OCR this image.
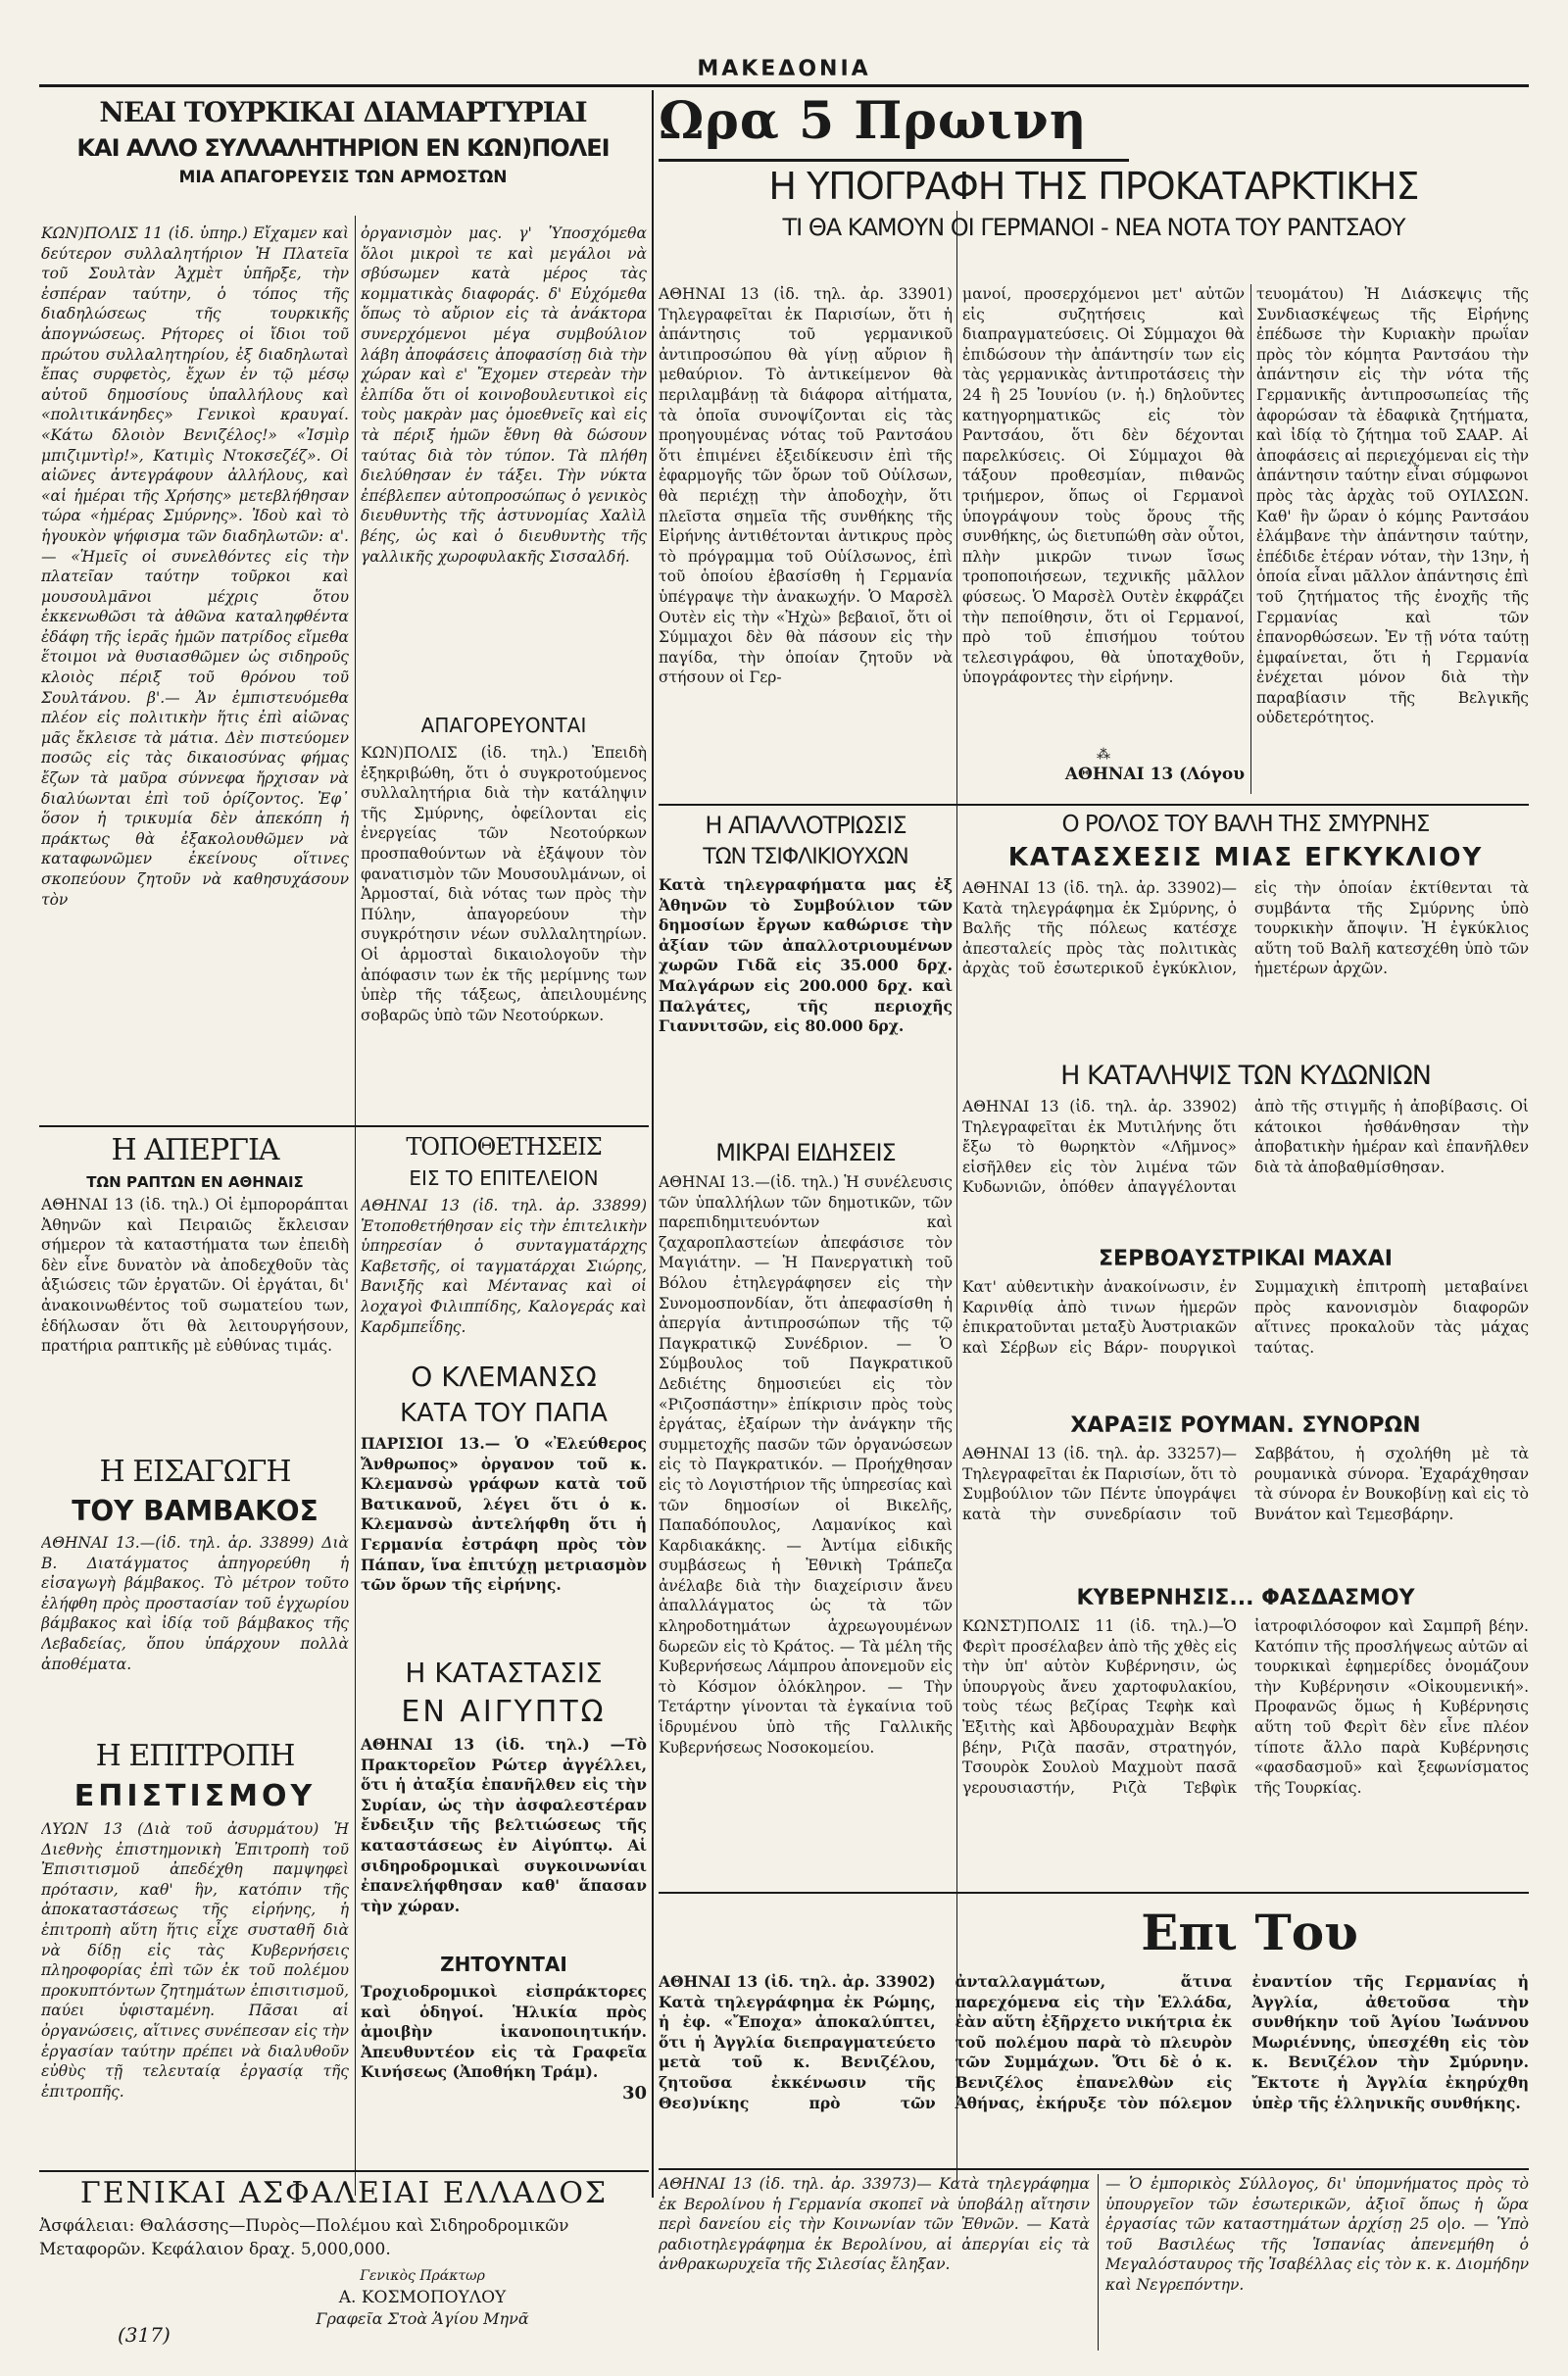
ΜΑΚΕΔΟΝΙΑ
ΝΕΑΙ ΤΟΥΡΚΙΚΑΙ ΔΙΑΜΑΡΤΥΡΙΑΙ
ΚΑΙ ΑΛΛΟ ΣΥΛΛΑΛΗΤΗΡΙΟΝ ΕΝ ΚΩΝ)ΠΟΛΕΙ
ΜΙΑ ΑΠΑΓΟΡΕΥΣΙΣ ΤΩΝ ΑΡΜΟΣΤΩΝ

ΚΩΝ)ΠΟΛΙΣ 11 (ἰδ. ὑπηρ.) Εἴχαμεν καὶ δεύτερον συλλαλητήριον Ἡ Πλατεῖα τοῦ Σουλτὰν Ἀχμὲτ ὑπῆρξε, τὴν ἐσπέραν ταύτην, ὁ τόπος τῆς διαδηλώσεως τῆς τουρκικῆς ἀπογνώσεως. Ρήτορες οἱ ἴδιοι τοῦ πρώτου συλλαλητηρίου, ἐξ διαδηλωταὶ ἔπας συρφετὸς, ἔχων ἐν τῷ μέσῳ αὐτοῦ δημοσίους ὑπαλλήλους καὶ «πολιτικάνηδες» Γενικοὶ κραυγαί. «Κάτω δλοιὸν Βενιζέλος!» «Ἰσμὶρ μπιζιμντὶρ!», Κατιμὶς Ντοκσεζέζ». Οἱ αἰῶνες ἀντεγράφουν ἀλλήλους, καὶ «αἱ ἡμέραι τῆς Χρήσης» μετεβλήθησαν τώρα «ἡμέρας Σμύρνης». Ἰδοὺ καὶ τὸ ἡγουκὸν ψήφισμα τῶν διαδηλωτῶν: α'.— «Ἡμεῖς οἱ συνελθόντες εἰς τὴν πλατεῖαν ταύτην τοῦρκοι καὶ μουσουλμᾶνοι μέχρις ὅτου ἐκκενωθῶσι τὰ ἀθῶνα καταληφθέντα ἐδάφη τῆς ἱερᾶς ἡμῶν πατρίδος εἴμεθα ἕτοιμοι νὰ θυσιασθῶμεν ὡς σιδηροῦς κλοιὸς πέριξ τοῦ θρόνου τοῦ Σουλτάνου. β'.— Ἀν ἐμπιστευόμεθα πλέον εἰς πολιτικὴν ἥτις ἐπὶ αἰῶνας μᾶς ἔκλεισε τὰ μάτια. Δὲν πιστεύομεν ποσῶς εἰς τὰς δικαιοσύνας φήμας ἔζων τὰ μαῦρα σύννεφα ἤρχισαν νὰ διαλύωνται ἐπὶ τοῦ ὁρίζοντος. Ἐφ᾽ ὅσον ἡ τρικυμία δὲν ἀπεκόπη ἡ πράκτως θὰ ἐξακολουθῶμεν νὰ καταφωνῶμεν ἐκείνους οἵτινες σκοπεύουν ζητοῦν νὰ καθησυχάσουν τὸν

ὀργανισμὸν μας. γ' Ὑποσχόμεθα ὅλοι μικροὶ τε καὶ μεγάλοι νὰ σβύσωμεν κατὰ μέρος τὰς κομματικὰς διαφοράς. δ' Εὐχόμεθα ὅπως τὸ αὔριον εἰς τὰ ἀνάκτορα συνερχόμενοι μέγα συμβούλιον λάβη ἀποφάσεις ἀποφασίσῃ διὰ τὴν χώραν καὶ ε' Ἔχομεν στερεὰν τὴν ἐλπίδα ὅτι οἱ κοινοβουλευτικοὶ εἰς τοὺς μακρὰν μας ὁμοεθνεῖς καὶ εἰς τὰ πέριξ ἡμῶν ἔθνη θὰ δώσουν ταύτας διὰ τὸν τύπον. Τὰ πλήθη διελύθησαν ἐν τάξει. Τὴν νύκτα ἐπέβλεπεν αὐτοπροσώπως ὁ γενικὸς διευθυντὴς τῆς ἀστυνομίας Χαλὶλ βέης, ὡς καὶ ὁ διευθυντὴς τῆς γαλλικῆς χωροφυλακῆς Σισσαλδή.

ΑΠΑΓΟΡΕΥΟΝΤΑΙ

ΚΩΝ)ΠΟΛΙΣ (ἰδ. τηλ.) Ἐπειδὴ ἐξηκριβώθη, ὅτι ὁ συγκροτούμενος συλλαλητήρια διὰ τὴν κατάληψιν τῆς Σμύρνης, ὀφείλονται εἰς ἐνεργείας τῶν Νεοτούρκων προσπαθούντων νὰ ἐξάψουν τὸν φανατισμὸν τῶν Μουσουλμάνων, οἱ Ἁρμοσταί, διὰ νότας των πρὸς τὴν Πύλην, ἀπαγορεύουν τὴν συγκρότησιν νέων συλλαλητηρίων. Οἱ ἁρμοσταὶ δικαιολογοῦν τὴν ἀπόφασιν των ἐκ τῆς μερίμνης των ὑπὲρ τῆς τάξεως, ἀπειλουμένης σοβαρῶς ὑπὸ τῶν Νεοτούρκων.

Η ΑΠΕΡΓΙΑ
ΤΩΝ ΡΑΠΤΩΝ ΕΝ ΑΘΗΝΑΙΣ

ΑΘΗΝΑΙ 13 (ἰδ. τηλ.) Οἱ ἐμποροράπται Ἀθηνῶν καὶ Πειραιῶς ἔκλεισαν σήμερον τὰ καταστήματα των ἐπειδὴ δὲν εἶνε δυνατὸν νὰ ἀποδεχθοῦν τὰς ἀξιώσεις τῶν ἐργατῶν. Οἱ ἐργάται, δι' ἀνακοινωθέντος τοῦ σωματείου των, ἐδήλωσαν ὅτι θὰ λειτουργήσουν, πρατήρια ραπτικῆς μὲ εὐθύνας τιμάς.

Η ΕΙΣΑΓΩΓΗ
ΤΟΥ ΒΑΜΒΑΚΟΣ

ΑΘΗΝΑΙ 13.—(ἰδ. τηλ. ἀρ. 33899) Διὰ Β. Διατάγματος ἀπηγορεύθη ἡ εἰσαγωγὴ βάμβακος. Τὸ μέτρον τοῦτο ἐλήφθη πρὸς προστασίαν τοῦ ἐγχωρίου βάμβακος καὶ ἰδίᾳ τοῦ βάμβακος τῆς Λεβαδείας, ὅπου ὑπάρχουν πολλὰ ἀποθέματα.

Η ΕΠΙΤΡΟΠΗ
ΕΠΙΣΤΙΣΜΟΥ

ΛΥΩΝ 13 (Διὰ τοῦ ἀσυρμάτου) Ἡ Διεθνὴς ἐπιστημονικὴ Ἐπιτροπὴ τοῦ Ἐπισιτισμοῦ ἀπεδέχθη παμψηφεὶ πρότασιν, καθ' ἣν, κατόπιν τῆς ἀποκαταστάσεως τῆς εἰρήνης, ἡ ἐπιτροπὴ αὕτη ἥτις εἶχε συσταθῆ διὰ νὰ δίδῃ εἰς τὰς Κυβερνήσεις πληροφορίας ἐπὶ τῶν ἐκ τοῦ πολέμου προκυπτόντων ζητημάτων ἐπισιτισμοῦ, παύει ὑφισταμένη. Πᾶσαι αἱ ὀργανώσεις, αἵτινες συνέπεσαν εἰς τὴν ἐργασίαν ταύτην πρέπει νὰ διαλυθοῦν εὐθὺς τῇ τελευταίᾳ ἐργασίᾳ τῆς ἐπιτροπῆς.

ΤΟΠΟΘΕΤΗΣΕΙΣ
ΕΙΣ ΤΟ ΕΠΙΤΕΛΕΙΟΝ

ΑΘΗΝΑΙ 13 (ἰδ. τηλ. ἀρ. 33899) Ἐτοποθετήθησαν εἰς τὴν ἐπιτελικὴν ὑπηρεσίαν ὁ συνταγματάρχης Καβετσῆς, οἱ ταγματάρχαι Σιώρης, Βανιξῆς καὶ Μέντανας καὶ οἱ λοχαγοὶ Φιλιππίδης, Καλογεράς καὶ Καρδμπεΐδης.

Ο ΚΛΕΜΑΝΣΩ
ΚΑΤΑ ΤΟΥ ΠΑΠΑ

ΠΑΡΙΣΙΟΙ 13.— Ὁ «Ἐλεύθερος Ἄνθρωπος» ὀργανον τοῦ κ. Κλεμανσὼ γράφων κατὰ τοῦ Βατικανοῦ, λέγει ὅτι ὁ κ. Κλεμανσὼ ἀντελήφθη ὅτι ἡ Γερμανία ἐστράφη πρὸς τὸν Πάπαν, ἵνα ἐπιτύχῃ μετριασμὸν τῶν ὅρων τῆς εἰρήνης.

Η ΚΑΤΑΣΤΑΣΙΣ
ΕΝ ΑΙΓΥΠΤΩ

ΑΘΗΝΑΙ 13 (ἰδ. τηλ.) —Τὸ Πρακτορεῖον Ρώτερ ἀγγέλλει, ὅτι ἡ ἀταξία ἐπανῆλθεν εἰς τὴν Συρίαν, ὡς τὴν ἀσφαλεστέραν ἔνδειξιν τῆς βελτιώσεως τῆς καταστάσεως ἐν Αἰγύπτῳ. Αἱ σιδηροδρομικαὶ συγκοινωνίαι ἐπανελήφθησαν καθ' ἅπασαν τὴν χώραν.

ΖΗΤΟΥΝΤΑΙ

Τροχιοδρομικοὶ εἰσπράκτορες καὶ ὁδηγοί. Ἡλικία πρὸς ἀμοιβὴν ἱκανοποιητικήν. Ἀπευθυντέον εἰς τὰ Γραφεῖα Κινήσεως (Ἀποθήκη Τράμ).

30
ΓΕΝΙΚΑΙ ΑΣΦΑΛΕΙΑΙ ΕΛΛΑΔΟΣ

Ἀσφάλειαι: Θαλάσσης—Πυρὸς—Πολέμου καὶ Σιδηροδρομικῶν Μεταφορῶν. Κεφάλαιον δραχ. 5,000,000.

Γενικὸς Πράκτωρ
Α. ΚΟΣΜΟΠΟΥΛΟΥ
(317)
Γραφεῖα Στοὰ Ἁγίου Μηνᾶ
Ωρα 5 Πρωινη
Η ΥΠΟΓΡΑΦΗ ΤΗΣ ΠΡΟΚΑΤΑΡΚΤΙΚΗΣ
ΤΙ ΘΑ ΚΑΜΟΥΝ ΟΙ ΓΕΡΜΑΝΟΙ - ΝΕΑ ΝΟΤΑ ΤΟΥ ΡΑΝΤΣΑΟΥ

ΑΘΗΝΑΙ 13 (ἰδ. τηλ. ἀρ. 33901) Τηλεγραφεῖται ἐκ Παρισίων, ὅτι ἡ ἀπάντησις τοῦ γερμανικοῦ ἀντιπροσώπου θὰ γίνῃ αὔριον ἢ μεθαύριον. Τὸ ἀντικείμενον θὰ περιλαμβάνῃ τὰ διάφορα αἰτήματα, τὰ ὁποῖα συνοψίζονται εἰς τὰς προηγουμένας νότας τοῦ Ραντσάου ὅτι ἐπιμένει ἐξειδίκευσιν ἐπὶ τῆς ἐφαρμογῆς τῶν ὅρων τοῦ Οὐίλσων, θὰ περιέχῃ τὴν ἀποδοχὴν, ὅτι πλεῖστα σημεῖα τῆς συνθήκης τῆς Εἰρήνης ἀντιθέτονται ἀντικρυς πρὸς τὸ πρόγραμμα τοῦ Οὐίλσωνος, ἐπὶ τοῦ ὁποίου ἐβασίσθη ἡ Γερμανία ὑπέγραψε τὴν ἀνακωχήν. Ὁ Μαρσὲλ Ουτὲν εἰς τὴν «Ἠχὼ» βεβαιοῖ, ὅτι οἱ Σύμμαχοι δὲν θὰ πάσουν εἰς τὴν παγίδα, τὴν ὁποίαν ζητοῦν νὰ στήσουν οἱ Γερ-

μανοί, προσερχόμενοι μετ' αὐτῶν εἰς συζητήσεις καὶ διαπραγματεύσεις. Οἱ Σύμμαχοι θὰ ἐπιδώσουν τὴν ἀπάντησίν των εἰς τὰς γερμανικὰς ἀντιπροτάσεις τὴν 24 ἢ 25 Ἰουνίου (ν. ἡ.) δηλοῦντες κατηγορηματικῶς εἰς τὸν Ραντσάου, ὅτι δὲν δέχονται παρελκύσεις. Οἱ Σύμμαχοι θὰ τάξουν προθεσμίαν, πιθανῶς τριήμερον, ὅπως οἱ Γερμανοὶ ὑπογράψουν τοὺς ὅρους τῆς συνθήκης, ὡς διετυπώθη σὰν οὗτοι, πλὴν μικρῶν τινων ἴσως τροποποιήσεων, τεχνικῆς μᾶλλον φύσεως. Ὁ Μαρσὲλ Ουτὲν ἐκφράζει τὴν πεποίθησιν, ὅτι οἱ Γερμανοί, πρὸ τοῦ ἐπισήμου τούτου τελεσιγράφου, θὰ ὑποταχθοῦν, ὑπογράφοντες τὴν εἰρήνην.

⁂
ΑΘΗΝΑΙ 13 (Λόγου

τευομάτου) Ἡ Διάσκεψις τῆς Συνδιασκέψεως τῆς Εἰρήνης ἐπέδωσε τὴν Κυριακὴν πρωΐαν πρὸς τὸν κόμητα Ραντσάου τὴν ἀπάντησιν εἰς τὴν νότα τῆς Γερμανικῆς ἀντιπροσωπείας τῆς ἀφορώσαν τὰ ἐδαφικὰ ζητήματα, καὶ ἰδίᾳ τὸ ζήτημα τοῦ ΣΑΑΡ. Αἱ ἀποφάσεις αἱ περιεχόμεναι εἰς τὴν ἀπάντησιν ταύτην εἶναι σύμφωνοι πρὸς τὰς ἀρχὰς τοῦ ΟΥΙΛΣΩΝ. Καθ' ἣν ὥραν ὁ κόμης Ραντσάου ἐλάμβανε τὴν ἀπάντησιν ταύτην, ἐπέδιδε ἑτέραν νόταν, τὴν 13ην, ἡ ὁποία εἶναι μᾶλλον ἀπάντησις ἐπὶ τοῦ ζητήματος τῆς ἐνοχῆς τῆς Γερμανίας καὶ τῶν ἐπανορθώσεων. Ἐν τῇ νότα ταύτῃ ἐμφαίνεται, ὅτι ἡ Γερμανία ἐνέχεται μόνον διὰ τὴν παραβίασιν τῆς Βελγικῆς οὐδετερότητος.

Η ΑΠΑΛΛΟΤΡΙΩΣΙΣ
ΤΩΝ ΤΣΙΦΛΙΚΙΟΥΧΩΝ

Κατὰ τηλεγραφήματα μας ἐξ Ἀθηνῶν τὸ Συμβούλιον τῶν δημοσίων ἔργων καθώρισε τὴν ἀξίαν τῶν ἀπαλλοτριουμένων χωρῶν Γιδᾶ εἰς 35.000 δρχ. Μαλγάρων εἰς 200.000 δρχ. καὶ Παλγάτες, τῆς περιοχῆς Γιαννιτσῶν, εἰς 80.000 δρχ.

ΜΙΚΡΑΙ ΕΙΔΗΣΕΙΣ

ΑΘΗΝΑΙ 13.—(ἰδ. τηλ.) Ἡ συνέλευσις τῶν ὑπαλλήλων τῶν δημοτικῶν, τῶν παρεπιδημιτευόντων καὶ ζαχαροπλαστείων ἀπεφάσισε τὸν Μαγιάτην. — Ἡ Πανεργατικὴ τοῦ Βόλου ἐτηλεγράφησεν εἰς τὴν Συνομοσπονδίαν, ὅτι ἀπεφασίσθη ἡ ἀπεργία ἀντιπροσώπων τῆς τῷ Παγκρατικῷ Συνέδριον. — Ὁ Σύμβουλος τοῦ Παγκρατικοῦ Δεδιέτης δημοσιεύει εἰς τὸν «Ριζοσπάστην» ἐπίκρισιν πρὸς τοὺς ἐργάτας, ἐξαίρων τὴν ἀνάγκην τῆς συμμετοχῆς πασῶν τῶν ὀργανώσεων εἰς τὸ Παγκρατικόν. — Προήχθησαν εἰς τὸ Λογιστήριον τῆς ὑπηρεσίας καὶ τῶν δημοσίων οἱ Βικελῆς, Παπαδόπουλος, Λαμανίκος καὶ Καρδιακάκης. — Ἀντίμα εἰδικῆς συμβάσεως ἡ Ἐθνικὴ Τράπεζα ἀνέλαβε διὰ τὴν διαχείρισιν ἄνευ ἀπαλλάγματος ὡς τὰ τῶν κληροδοτημάτων ἀχρεωγουμένων δωρεῶν εἰς τὸ Κράτος. — Τὰ μέλη τῆς Κυβερνήσεως Λάμπρου ἀπονεμοῦν εἰς τὸ Κόσμον ὁλόκληρον. — Τὴν Τετάρτην γίνονται τὰ ἐγκαίνια τοῦ ἱδρυμένου ὑπὸ τῆς Γαλλικῆς Κυβερνήσεως Νοσοκομείου.

Ο ΡΟΛΟΣ ΤΟΥ ΒΑΛΗ ΤΗΣ ΣΜΥΡΝΗΣ
ΚΑΤΑΣΧΕΣΙΣ ΜΙΑΣ ΕΓΚΥΚΛΙΟΥ

ΑΘΗΝΑΙ 13 (ἰδ. τηλ. ἀρ. 33902)— Κατὰ τηλεγράφημα ἐκ Σμύρνης, ὁ Βαλῆς τῆς πόλεως κατέσχε ἀπεσταλείς πρὸς τὰς πολιτικὰς ἀρχὰς τοῦ ἐσωτερικοῦ ἐγκύκλιον, εἰς τὴν ὁποίαν ἐκτίθενται τὰ συμβάντα τῆς Σμύρνης ὑπὸ τουρκικὴν ἄποψιν. Ἡ ἐγκύκλιος αὕτη τοῦ Βαλῆ κατεσχέθη ὑπὸ τῶν ἡμετέρων ἀρχῶν.

Η ΚΑΤΑΛΗΨΙΣ ΤΩΝ ΚΥΔΩΝΙΩΝ

ΑΘΗΝΑΙ 13 (ἰδ. τηλ. ἀρ. 33902) Τηλεγραφεῖται ἐκ Μυτιλήνης ὅτι ἔξω τὸ θωρηκτὸν «Λῆμνος» εἰσῆλθεν εἰς τὸν λιμένα τῶν Κυδωνιῶν, ὁπόθεν ἀπαγγέλονται ἀπὸ τῆς στιγμῆς ἡ ἀποβίβασις. Οἱ κάτοικοι ἠσθάνθησαν τὴν ἀποβατικὴν ἡμέραν καὶ ἐπανῆλθεν διὰ τὰ ἀποβαθμίσθησαν.

ΣΕΡΒΟΑΥΣΤΡΙΚΑΙ ΜΑΧΑΙ

Κατ' αὐθεντικὴν ἀνακοίνωσιν, ἐν Καρινθίᾳ ἀπὸ τινων ἡμερῶν ἐπικρατοῦνται μεταξὺ Ἀυστριακῶν καὶ Σέρβων εἰς Βάρν- πουργικοὶ Συμμαχικὴ ἐπιτροπὴ μεταβαίνει πρὸς κανονισμὸν διαφορῶν αἵτινες προκαλοῦν τὰς μάχας ταύτας.

ΧΑΡΑΞΙΣ ΡΟΥΜΑΝ. ΣΥΝΟΡΩΝ

ΑΘΗΝΑΙ 13 (ἰδ. τηλ. ἀρ. 33257)— Τηλεγραφεῖται ἐκ Παρισίων, ὅτι τὸ Συμβούλιον τῶν Πέντε ὑπογράψει κατὰ τὴν συνεδρίασιν τοῦ Σαββάτου, ἡ σχολήθη μὲ τὰ ρουμανικὰ σύνορα. Ἐχαράχθησαν τὰ σύνορα ἐν Βουκοβίνῃ καὶ εἰς τὸ Βυνάτον καὶ Τεμεσβάρην.

ΚΥΒΕΡΝΗΣΙΣ... ΦΑΣΔΑΣΜΟΥ

ΚΩΝΣΤ)ΠΟΛΙΣ 11 (ἰδ. τηλ.)—Ὁ Φερὶτ προσέλαβεν ἀπὸ τῆς χθὲς εἰς τὴν ὑπ' αὐτὸν Κυβέρνησιν, ὡς ὑπουργοὺς ἄνευ χαρτοφυλακίου, τοὺς τέως βεζίρας Τεφὴκ καὶ Ἐξιτὴς καὶ Ἀβδουραχμὰν Βεφὴκ βέην, Ριζὰ πασᾶν, στρατηγόν, Τσουρὸκ Σουλοὺ Μαχμοὺτ πασᾶ γερουσιαστήν, Ριζὰ Τεβφὶκ ἰατροφιλόσοφον καὶ Σαμπρῆ βέην. Κατόπιν τῆς προσλήψεως αὐτῶν αἱ τουρκικαὶ ἐφημερίδες ὀνομάζουν τὴν Κυβέρνησιν «Οἰκουμενική». Προφανῶς ὅμως ἡ Κυβέρνησις αὕτη τοῦ Φερὶτ δὲν εἶνε πλέον τίποτε ἄλλο παρὰ Κυβέρνησις «φασδασμοῦ» καὶ ξεφωνίσματος τῆς Τουρκίας.

Επι Του

ΑΘΗΝΑΙ 13 (ἰδ. τηλ. ἀρ. 33902) Κατὰ τηλεγράφημα ἐκ Ρώμης, ἡ ἐφ. «Ἔποχα» ἀποκαλύπτει, ὅτι ἡ Ἀγγλία διεπραγματεύετο μετὰ τοῦ κ. Βενιζέλου, ζητοῦσα ἐκκένωσιν τῆς Θεσ)νίκης πρὸ τῶν ἀνταλλαγμάτων, ἅτινα παρεχόμενα εἰς τὴν Ἑλλάδα, ἐὰν αὕτη ἐξῆρχετο νικήτρια ἐκ τοῦ πολέμου παρὰ τὸ πλευρὸν τῶν Συμμάχων. Ὅτι δὲ ὁ κ. Βενιζέλος ἐπανελθὼν εἰς Ἀθήνας, ἐκήρυξε τὸν πόλεμον ἐναντίον τῆς Γερμανίας ἡ Ἀγγλία, ἀθετοῦσα τὴν συνθήκην τοῦ Ἁγίου Ἰωάννου Μωριέννης, ὑπεσχέθη εἰς τὸν κ. Βενιζέλον τὴν Σμύρνην. Ἔκτοτε ἡ Ἀγγλία ἐκηρύχθη ὑπὲρ τῆς ἑλληνικῆς συνθήκης.

ΑΘΗΝΑΙ 13 (ἰδ. τηλ. ἀρ. 33973)— Κατὰ τηλεγράφημα ἐκ Βερολίνου ἡ Γερμανία σκοπεῖ νὰ ὑποβάλῃ αἴτησιν περὶ δανείου εἰς τὴν Κοινωνίαν τῶν Ἐθνῶν. — Κατὰ ραδιοτηλεγράφημα ἐκ Βερολίνου, αἱ ἀπεργίαι εἰς τὰ ἀνθρακωρυχεῖα τῆς Σιλεσίας ἔληξαν.

— Ὁ ἐμπορικὸς Σύλλογος, δι' ὑπομνήματος πρὸς τὸ ὑπουργεῖον τῶν ἐσωτερικῶν, ἀξιοῖ ὅπως ἡ ὥρα ἐργασίας τῶν καταστημάτων ἀρχίσῃ 25 ο|ο. — Ὑπὸ τοῦ Βασιλέως τῆς Ἱσπανίας ἀπενεμήθη ὁ Μεγαλόσταυρος τῆς Ἰσαβέλλας εἰς τὸν κ. κ. Διομήδην καὶ Νεγρεπόντην.
